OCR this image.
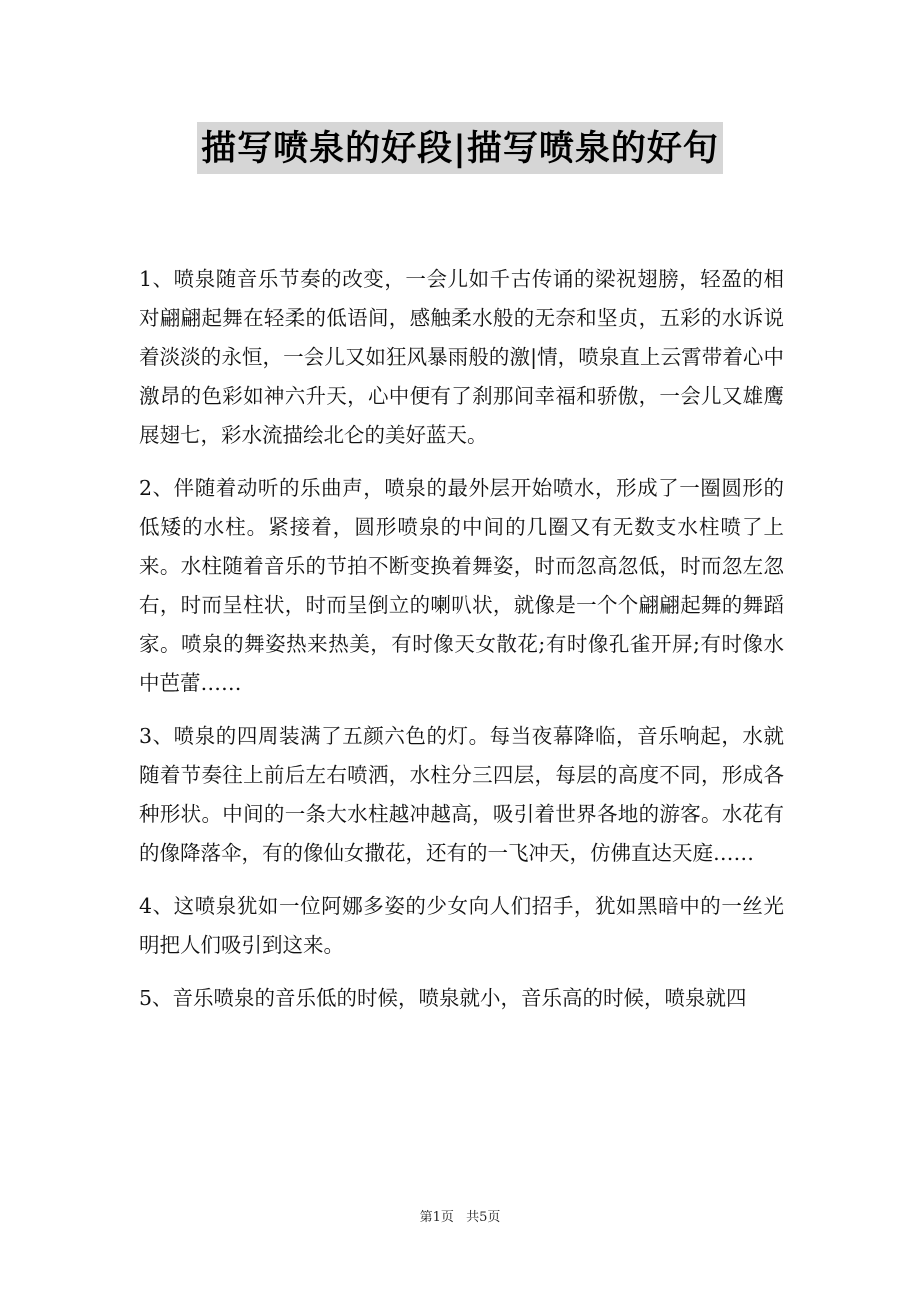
描写喷泉的好段|描写喷泉的好句

1、喷泉随音乐节奏的改变，一会儿如千古传诵的梁祝翅膀，轻盈的相对翩翩起舞在轻柔的低语间，感触柔水般的无奈和坚贞，五彩的水诉说着淡淡的永恒，一会儿又如狂风暴雨般的激|情，喷泉直上云霄带着心中激昂的色彩如神六升天，心中便有了刹那间幸福和骄傲，一会儿又雄鹰展翅七，彩水流描绘北仑的美好蓝天。

2、伴随着动听的乐曲声，喷泉的最外层开始喷水，形成了一圈圆形的低矮的水柱。紧接着，圆形喷泉的中间的几圈又有无数支水柱喷了上来。水柱随着音乐的节拍不断变换着舞姿，时而忽高忽低，时而忽左忽右，时而呈柱状，时而呈倒立的喇叭状，就像是一个个翩翩起舞的舞蹈家。喷泉的舞姿热来热美，有时像天女散花;有时像孔雀开屏;有时像水中芭蕾……

3、喷泉的四周装满了五颜六色的灯。每当夜幕降临，音乐响起，水就随着节奏往上前后左右喷洒，水柱分三四层，每层的高度不同，形成各种形状。中间的一条大水柱越冲越高，吸引着世界各地的游客。水花有的像降落伞，有的像仙女撒花，还有的一飞冲天，仿佛直达天庭……

4、这喷泉犹如一位阿娜多姿的少女向人们招手，犹如黑暗中的一丝光明把人们吸引到这来。

5、音乐喷泉的音乐低的时候，喷泉就小，音乐高的时候，喷泉就四

第1页 共5页
